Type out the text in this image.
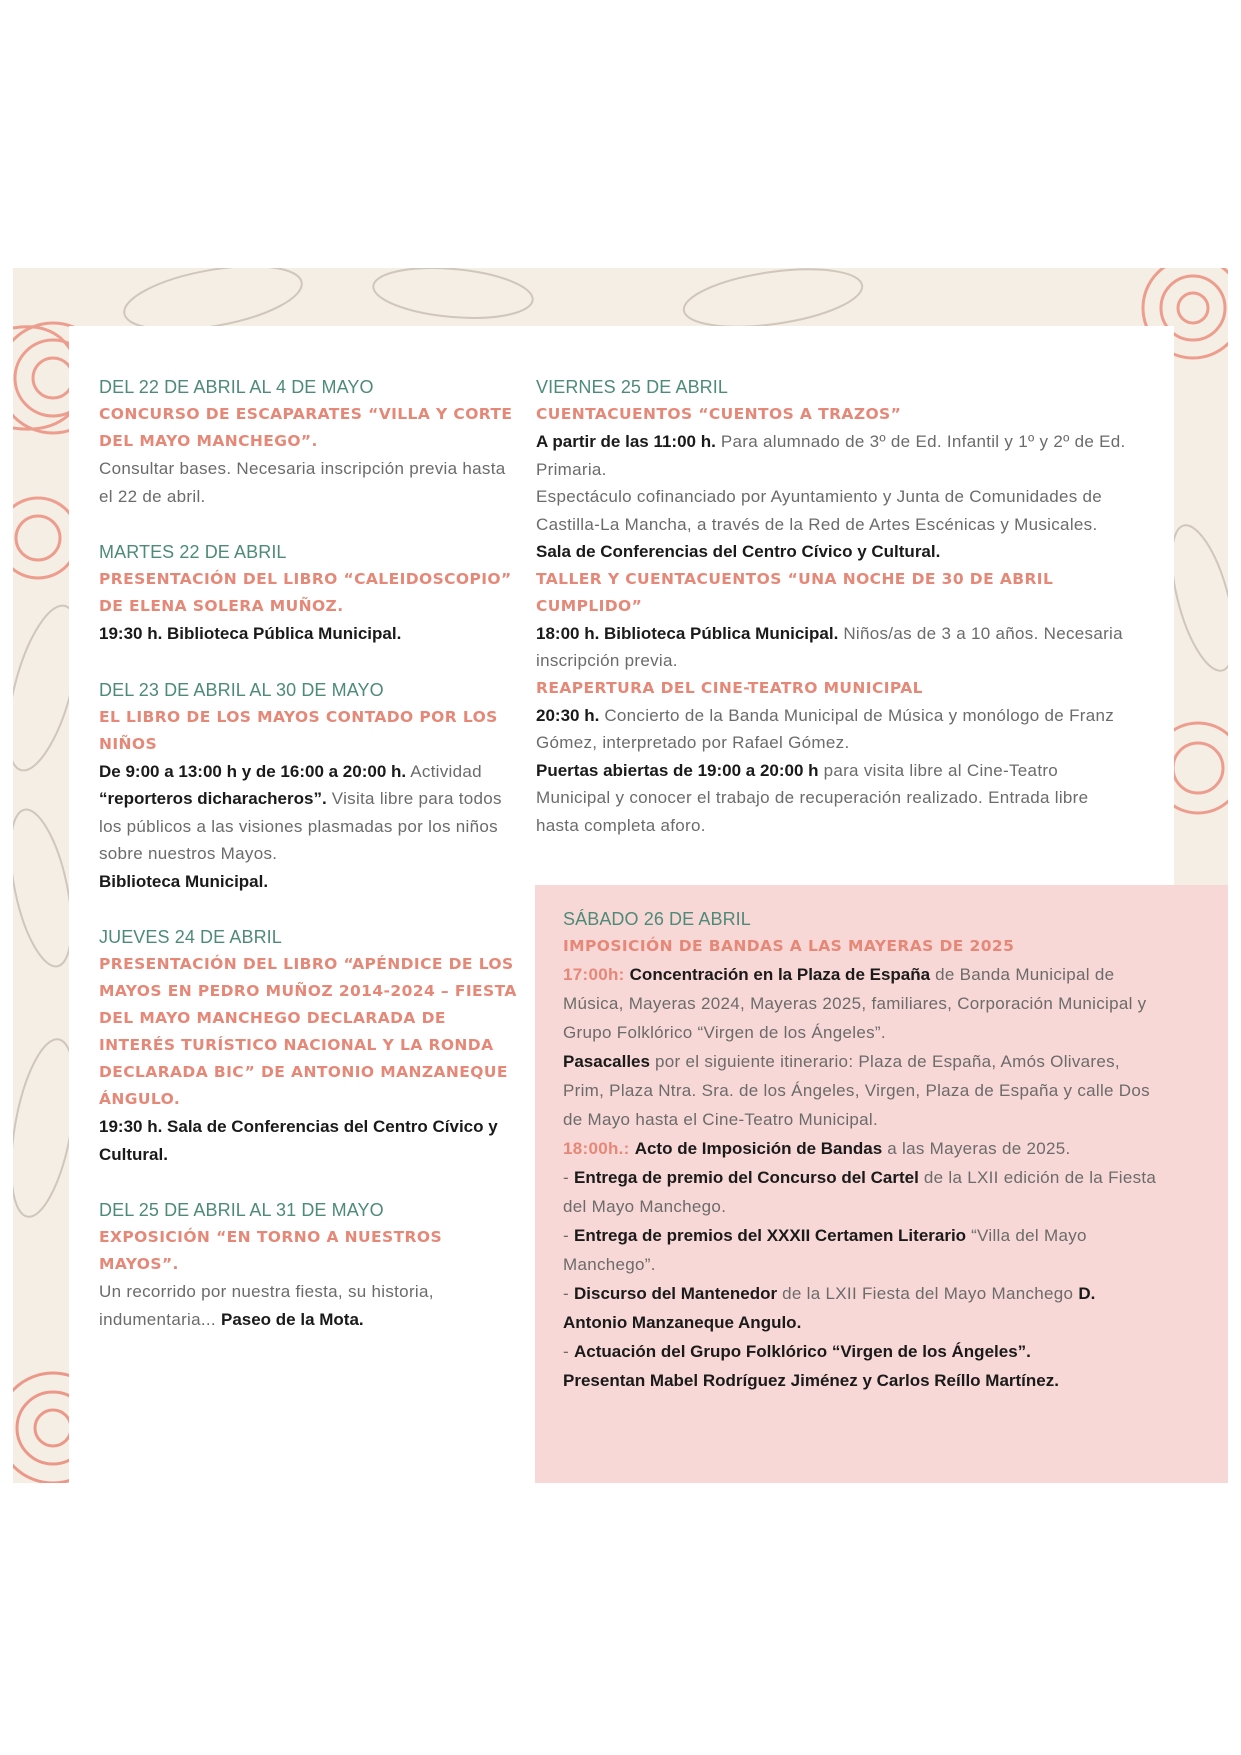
DEL 22 DE ABRIL AL 4 DE MAYO
CONCURSO DE ESCAPARATES “VILLA Y CORTE DEL MAYO MANCHEGO”.
Consultar bases. Necesaria inscripción previa hasta el 22 de abril.
MARTES 22 DE ABRIL
PRESENTACIÓN DEL LIBRO “CALEIDOSCOPIO” DE ELENA SOLERA MUÑOZ.
19:30 h. Biblioteca Pública Municipal.
DEL 23 DE ABRIL AL 30 DE MAYO
EL LIBRO DE LOS MAYOS CONTADO POR LOS NIÑOS
De 9:00 a 13:00 h y de 16:00 a 20:00 h. Actividad “reporteros dicharacheros”. Visita libre para todos los públicos a las visiones plasmadas por los niños sobre nuestros Mayos.
Biblioteca Municipal.
JUEVES 24 DE ABRIL
PRESENTACIÓN DEL LIBRO “APÉNDICE DE LOS MAYOS EN PEDRO MUÑOZ 2014-2024 – FIESTA DEL MAYO MANCHEGO DECLARADA DE INTERÉS TURÍSTICO NACIONAL Y LA RONDA DECLARADA BIC” DE ANTONIO MANZANEQUE ÁNGULO.
19:30 h. Sala de Conferencias del Centro Cívico y Cultural.
DEL 25 DE ABRIL AL 31 DE MAYO
EXPOSICIÓN “EN TORNO A NUESTROS MAYOS”.
Un recorrido por nuestra fiesta, su historia, indumentaria... Paseo de la Mota.
VIERNES 25 DE ABRIL
CUENTACUENTOS “CUENTOS A TRAZOS”
A partir de las 11:00 h. Para alumnado de 3º de Ed. Infantil y 1º y 2º de Ed. Primaria.
Espectáculo cofinanciado por Ayuntamiento y Junta de Comunidades de Castilla-La Mancha, a través de la Red de Artes Escénicas y Musicales. Sala de Conferencias del Centro Cívico y Cultural.
TALLER Y CUENTACUENTOS “UNA NOCHE DE 30 DE ABRIL CUMPLIDO”
18:00 h. Biblioteca Pública Municipal. Niños/as de 3 a 10 años. Necesaria inscripción previa.
REAPERTURA DEL CINE-TEATRO MUNICIPAL
20:30 h. Concierto de la Banda Municipal de Música y monólogo de Franz Gómez, interpretado por Rafael Gómez.
Puertas abiertas de 19:00 a 20:00 h para visita libre al Cine-Teatro Municipal y conocer el trabajo de recuperación realizado. Entrada libre hasta completa aforo.
SÁBADO 26 DE ABRIL
IMPOSICIÓN DE BANDAS A LAS MAYERAS DE 2025
17:00h: Concentración en la Plaza de España de Banda Municipal de Música, Mayeras 2024, Mayeras 2025, familiares, Corporación Municipal y Grupo Folklórico “Virgen de los Ángeles”.
Pasacalles por el siguiente itinerario: Plaza de España, Amós Olivares, Prim, Plaza Ntra. Sra. de los Ángeles, Virgen, Plaza de España y calle Dos de Mayo hasta el Cine-Teatro Municipal.
18:00h.: Acto de Imposición de Bandas a las Mayeras de 2025.
- Entrega de premio del Concurso del Cartel de la LXII edición de la Fiesta del Mayo Manchego.
- Entrega de premios del XXXII Certamen Literario “Villa del Mayo Manchego”.
- Discurso del Mantenedor de la LXII Fiesta del Mayo Manchego D. Antonio Manzaneque Angulo.
- Actuación del Grupo Folklórico “Virgen de los Ángeles”.
Presentan Mabel Rodríguez Jiménez y Carlos Reíllo Martínez.
